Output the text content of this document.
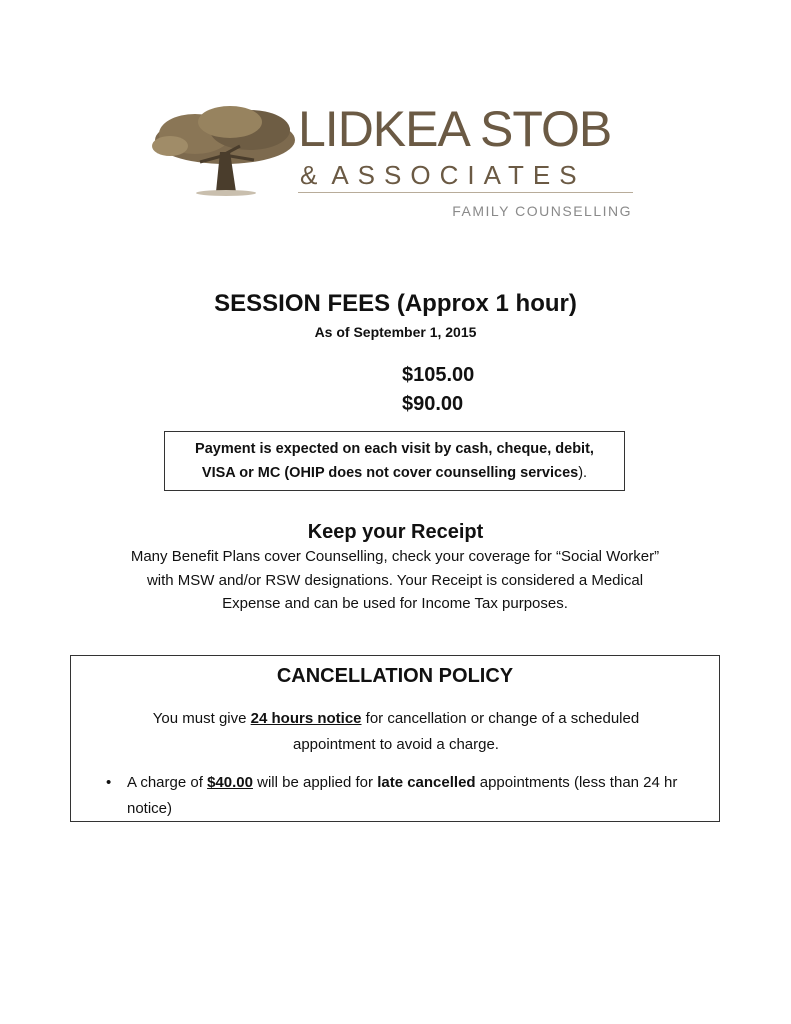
LIDKEA STOB
&ASSOCIATES
FAMILY COUNSELLING
SESSION FEES (Approx 1 hour)
As of September 1, 2015
$105.00
$90.00
Payment is expected on each visit by cash, cheque, debit,
VISA or MC (OHIP does not cover counselling services).
Keep your Receipt
Many Benefit Plans cover Counselling, check your coverage for “Social Worker”
with MSW and/or RSW designations. Your Receipt is considered a Medical
Expense and can be used for Income Tax purposes.
CANCELLATION POLICY
You must give 24 hours notice for cancellation or change of a scheduled
appointment to avoid a charge.
• A charge of $40.00 will be applied for late cancelled appointments (less than 24 hr notice)
